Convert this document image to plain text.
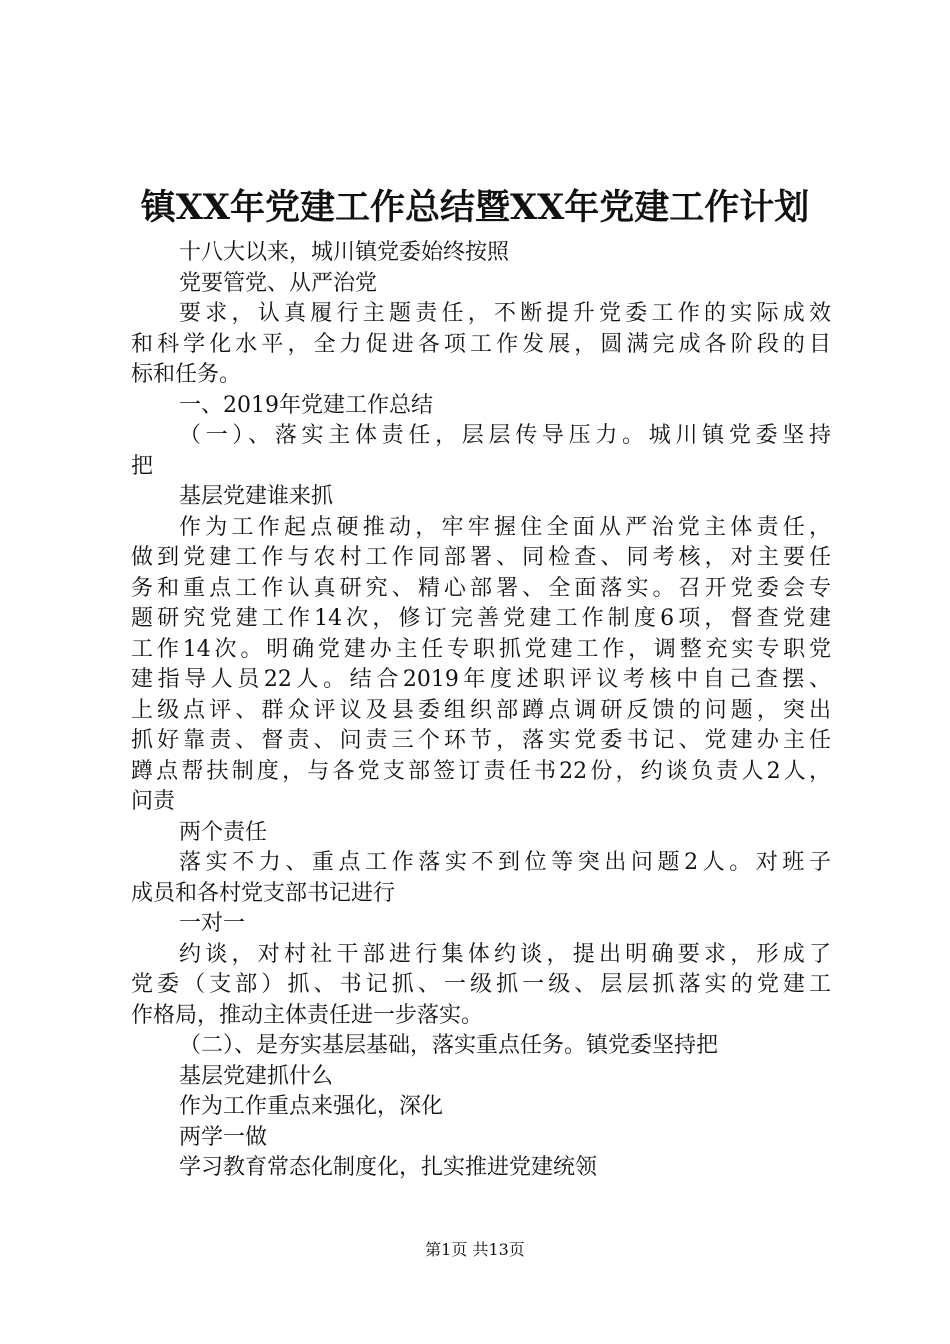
镇XX年党建工作总结暨XX年党建工作计划

十八大以来，城川镇党委始终按照

党要管党、从严治党

要求，认真履行主题责任，不断提升党委工作的实际成效

和科学化水平，全力促进各项工作发展，圆满完成各阶段的目

标和任务。

一、2019年党建工作总结

（一）、落实主体责任，层层传导压力。城川镇党委坚持

把

基层党建谁来抓

作为工作起点硬推动，牢牢握住全面从严治党主体责任，

做到党建工作与农村工作同部署、同检查、同考核，对主要任

务和重点工作认真研究、精心部署、全面落实。召开党委会专

题研究党建工作14次，修订完善党建工作制度6项，督查党建

工作14次。明确党建办主任专职抓党建工作，调整充实专职党

建指导人员22人。结合2019年度述职评议考核中自己查摆、

上级点评、群众评议及县委组织部蹲点调研反馈的问题，突出

抓好靠责、督责、问责三个环节，落实党委书记、党建办主任

蹲点帮扶制度，与各党支部签订责任书22份，约谈负责人2人，

问责

两个责任

落实不力、重点工作落实不到位等突出问题2人。对班子

成员和各村党支部书记进行

一对一

约谈，对村社干部进行集体约谈，提出明确要求，形成了

党委（支部）抓、书记抓、一级抓一级、层层抓落实的党建工

作格局，推动主体责任进一步落实。

（二）、是夯实基层基础，落实重点任务。镇党委坚持把

基层党建抓什么

作为工作重点来强化，深化

两学一做

学习教育常态化制度化，扎实推进党建统领

第1页 共13页
